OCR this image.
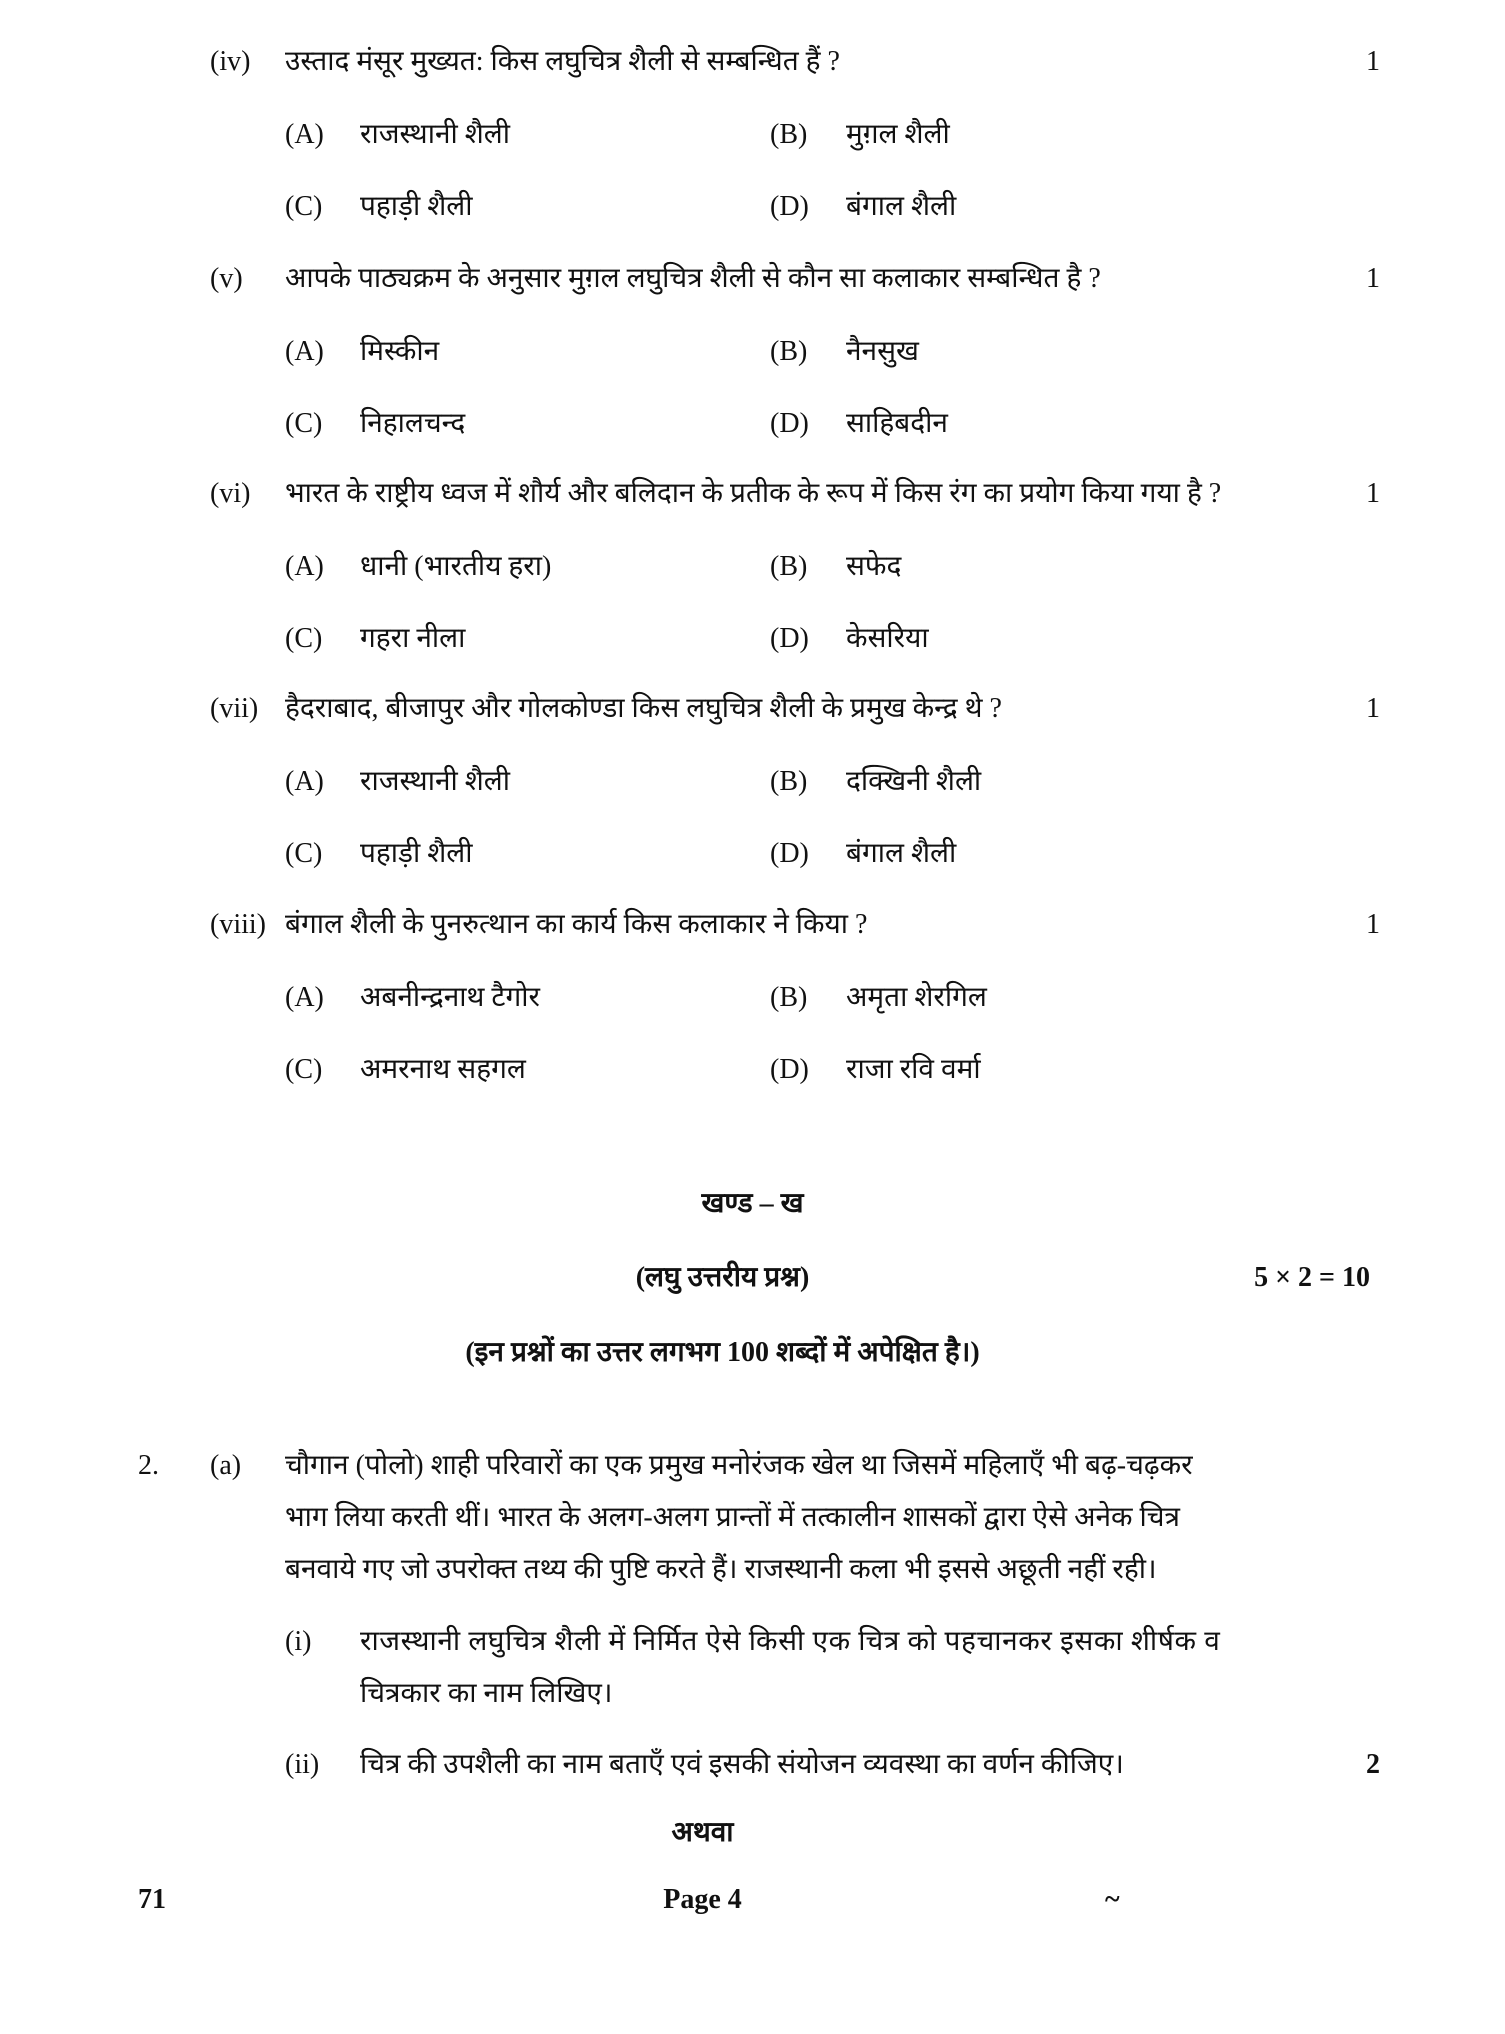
(iv) उस्ताद मंसूर मुख्यत: किस लघुचित्र शैली से सम्बन्धित हैं ?	1
(A) राजस्थानी शैली	(B) मुग़ल शैली
(C) पहाड़ी शैली	(D) बंगाल शैली
(v) आपके पाठ्यक्रम के अनुसार मुग़ल लघुचित्र शैली से कौन सा कलाकार सम्बन्धित है ?	1
(A) मिस्कीन	(B) नैनसुख
(C) निहालचन्द	(D) साहिबदीन
(vi) भारत के राष्ट्रीय ध्वज में शौर्य और बलिदान के प्रतीक के रूप में किस रंग का प्रयोग किया गया है ?	1
(A) धानी (भारतीय हरा)	(B) सफेद
(C) गहरा नीला	(D) केसरिया
(vii) हैदराबाद, बीजापुर और गोलकोण्डा किस लघुचित्र शैली के प्रमुख केन्द्र थे ?	1
(A) राजस्थानी शैली	(B) दक्खिनी शैली
(C) पहाड़ी शैली	(D) बंगाल शैली
(viii) बंगाल शैली के पुनरुत्थान का कार्य किस कलाकार ने किया ?	1
(A) अबनीन्द्रनाथ टैगोर	(B) अमृता शेरगिल
(C) अमरनाथ सहगल	(D) राजा रवि वर्मा
खण्ड – ख
(लघु उत्तरीय प्रश्न)	5 × 2 = 10
(इन प्रश्नों का उत्तर लगभग 100 शब्दों में अपेक्षित है।)
2. (a) चौगान (पोलो) शाही परिवारों का एक प्रमुख मनोरंजक खेल था जिसमें महिलाएँ भी बढ़-चढ़कर
भाग लिया करती थीं। भारत के अलग-अलग प्रान्तों में तत्कालीन शासकों द्वारा ऐसे अनेक चित्र
बनवाये गए जो उपरोक्त तथ्य की पुष्टि करते हैं। राजस्थानी कला भी इससे अछूती नहीं रही।
(i) राजस्थानी लघुचित्र शैली में निर्मित ऐसे किसी एक चित्र को पहचानकर इसका शीर्षक व
चित्रकार का नाम लिखिए।
(ii) चित्र की उपशैली का नाम बताएँ एवं इसकी संयोजन व्यवस्था का वर्णन कीजिए।	2
अथवा
71	Page 4	~
